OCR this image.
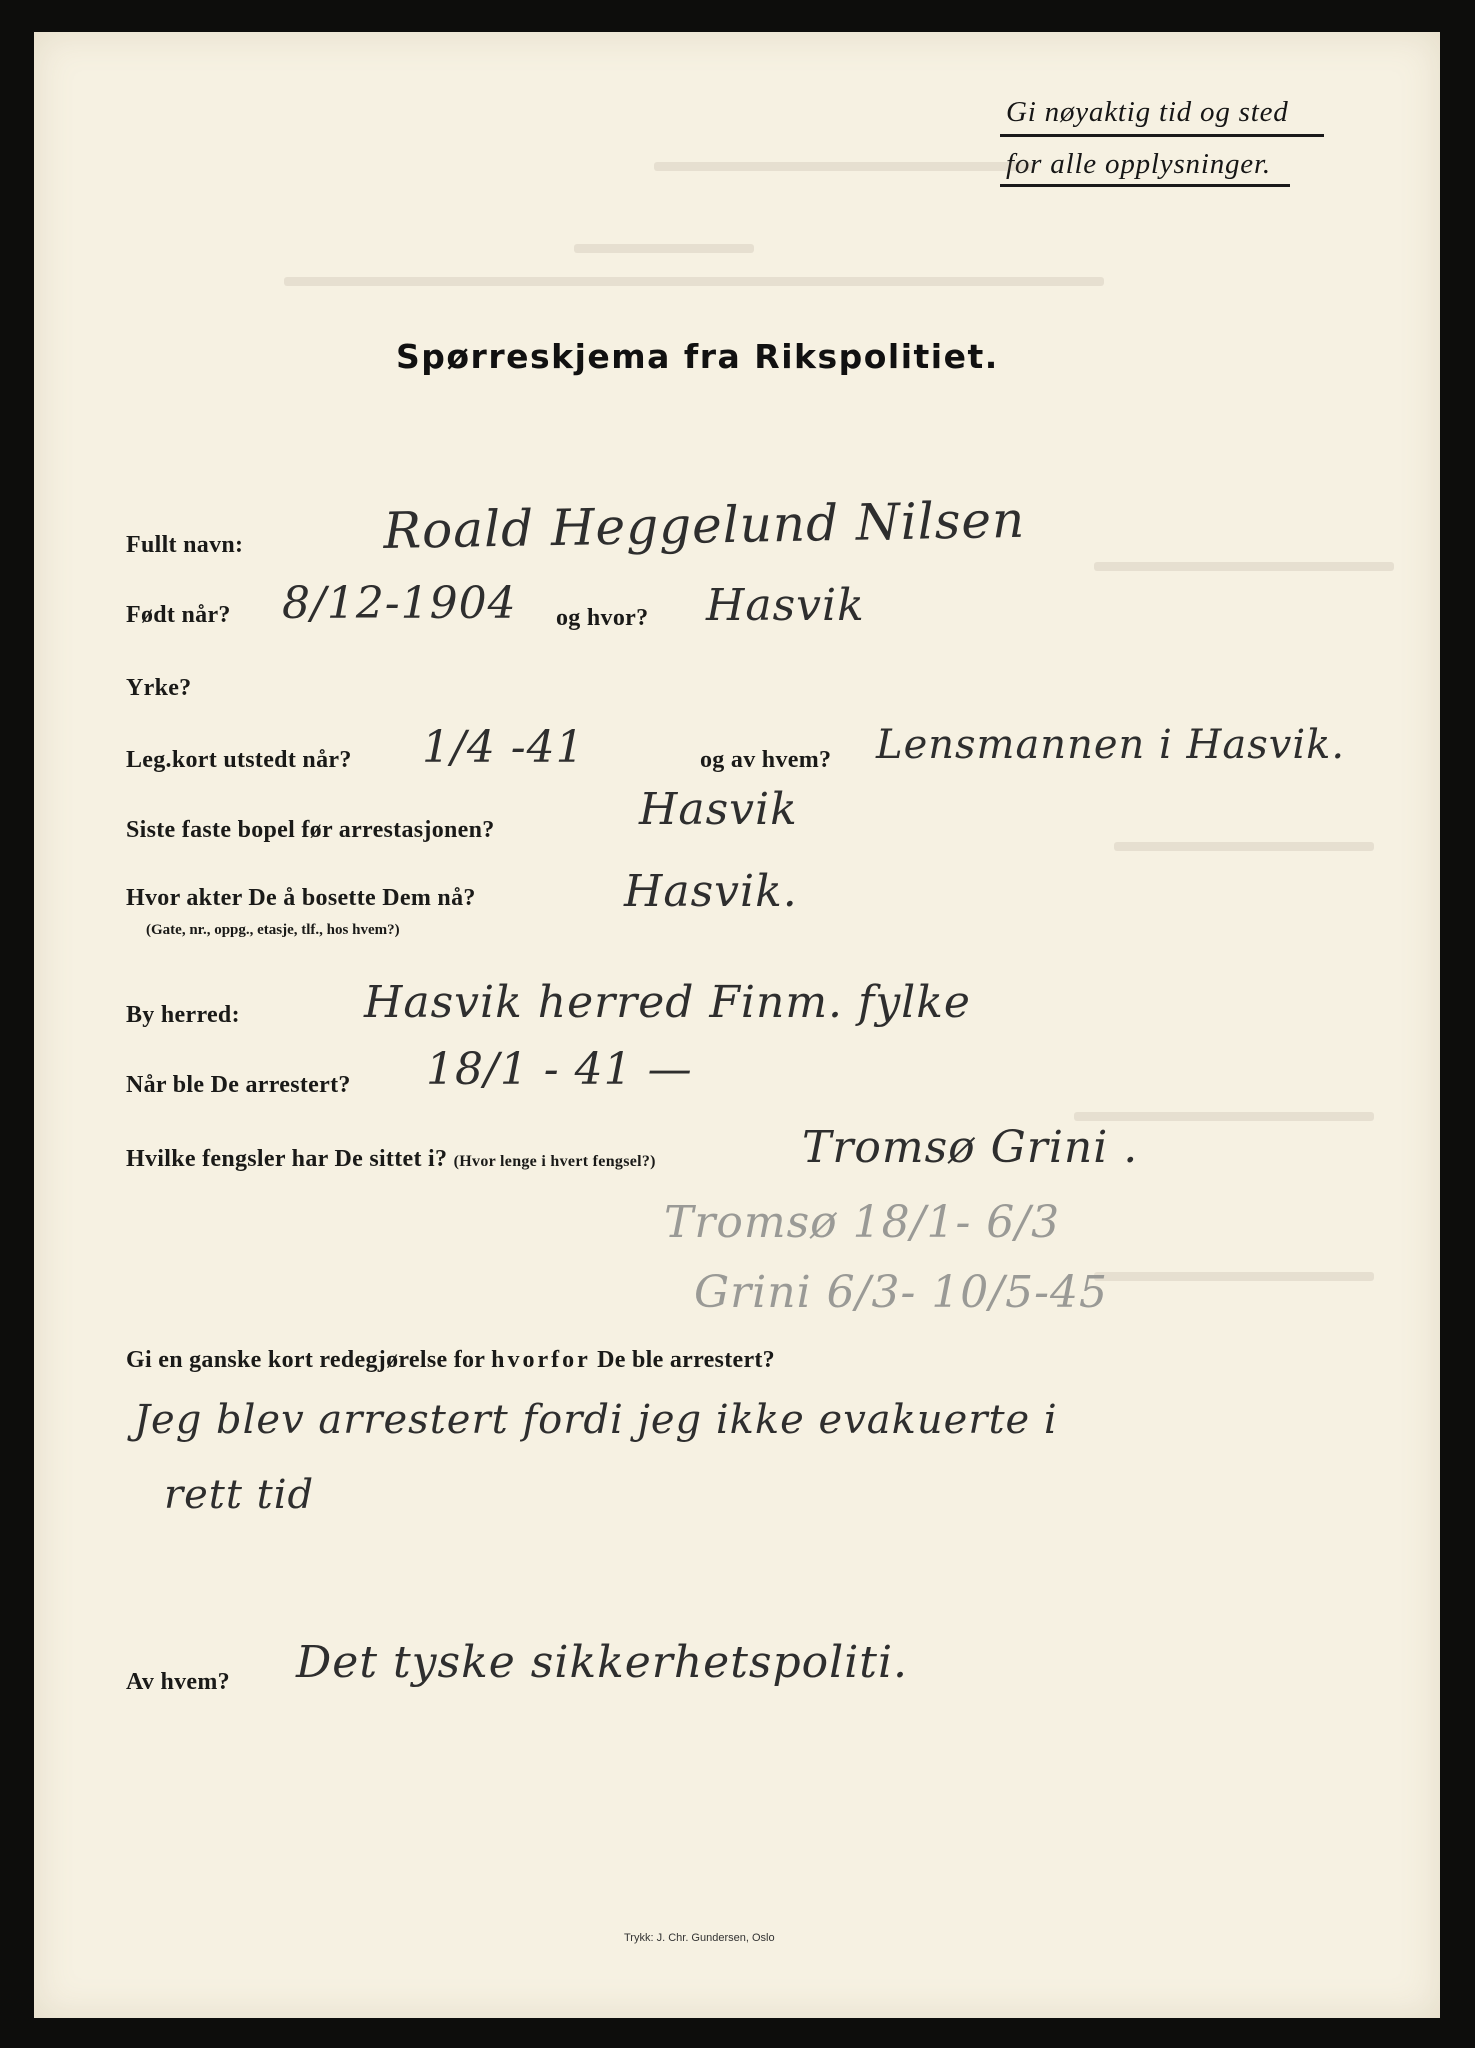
Gi nøyaktig tid og sted
for alle opplysninger.
Spørreskjema fra Rikspolitiet.
Fullt navn:	Roald Heggelund Nilsen
Født når? 8/12-1904 og hvor? Hasvik
Yrke?
Leg.kort utstedt når? 1/4 -41	og av hvem? Lensmannen i Hasvik.
Siste faste bopel før arrestasjonen?	Hasvik
Hvor akter De å bosette Dem nå?
(Gate, nr., oppg., etasje, tlf., hos hvem?)
Hasvik.
By herred:	Hasvik herred Finm. fylke
Når ble De arrestert? 18/1 - 41 —
Hvilke fengsler har De sittet i? (Hvor lenge i hvert fengsel?)	Tromsø Grini .
Tromsø 18/1- 6/3
Grini 6/3- 10/5-45
Gi en ganske kort redegjørelse for hvorfor De ble arrestert?
Jeg blev arrestert fordi jeg ikke evakuerte i
rett tid
Av hvem? Det tyske sikkerhetspoliti.
Trykk: J. Chr. Gundersen, Oslo
